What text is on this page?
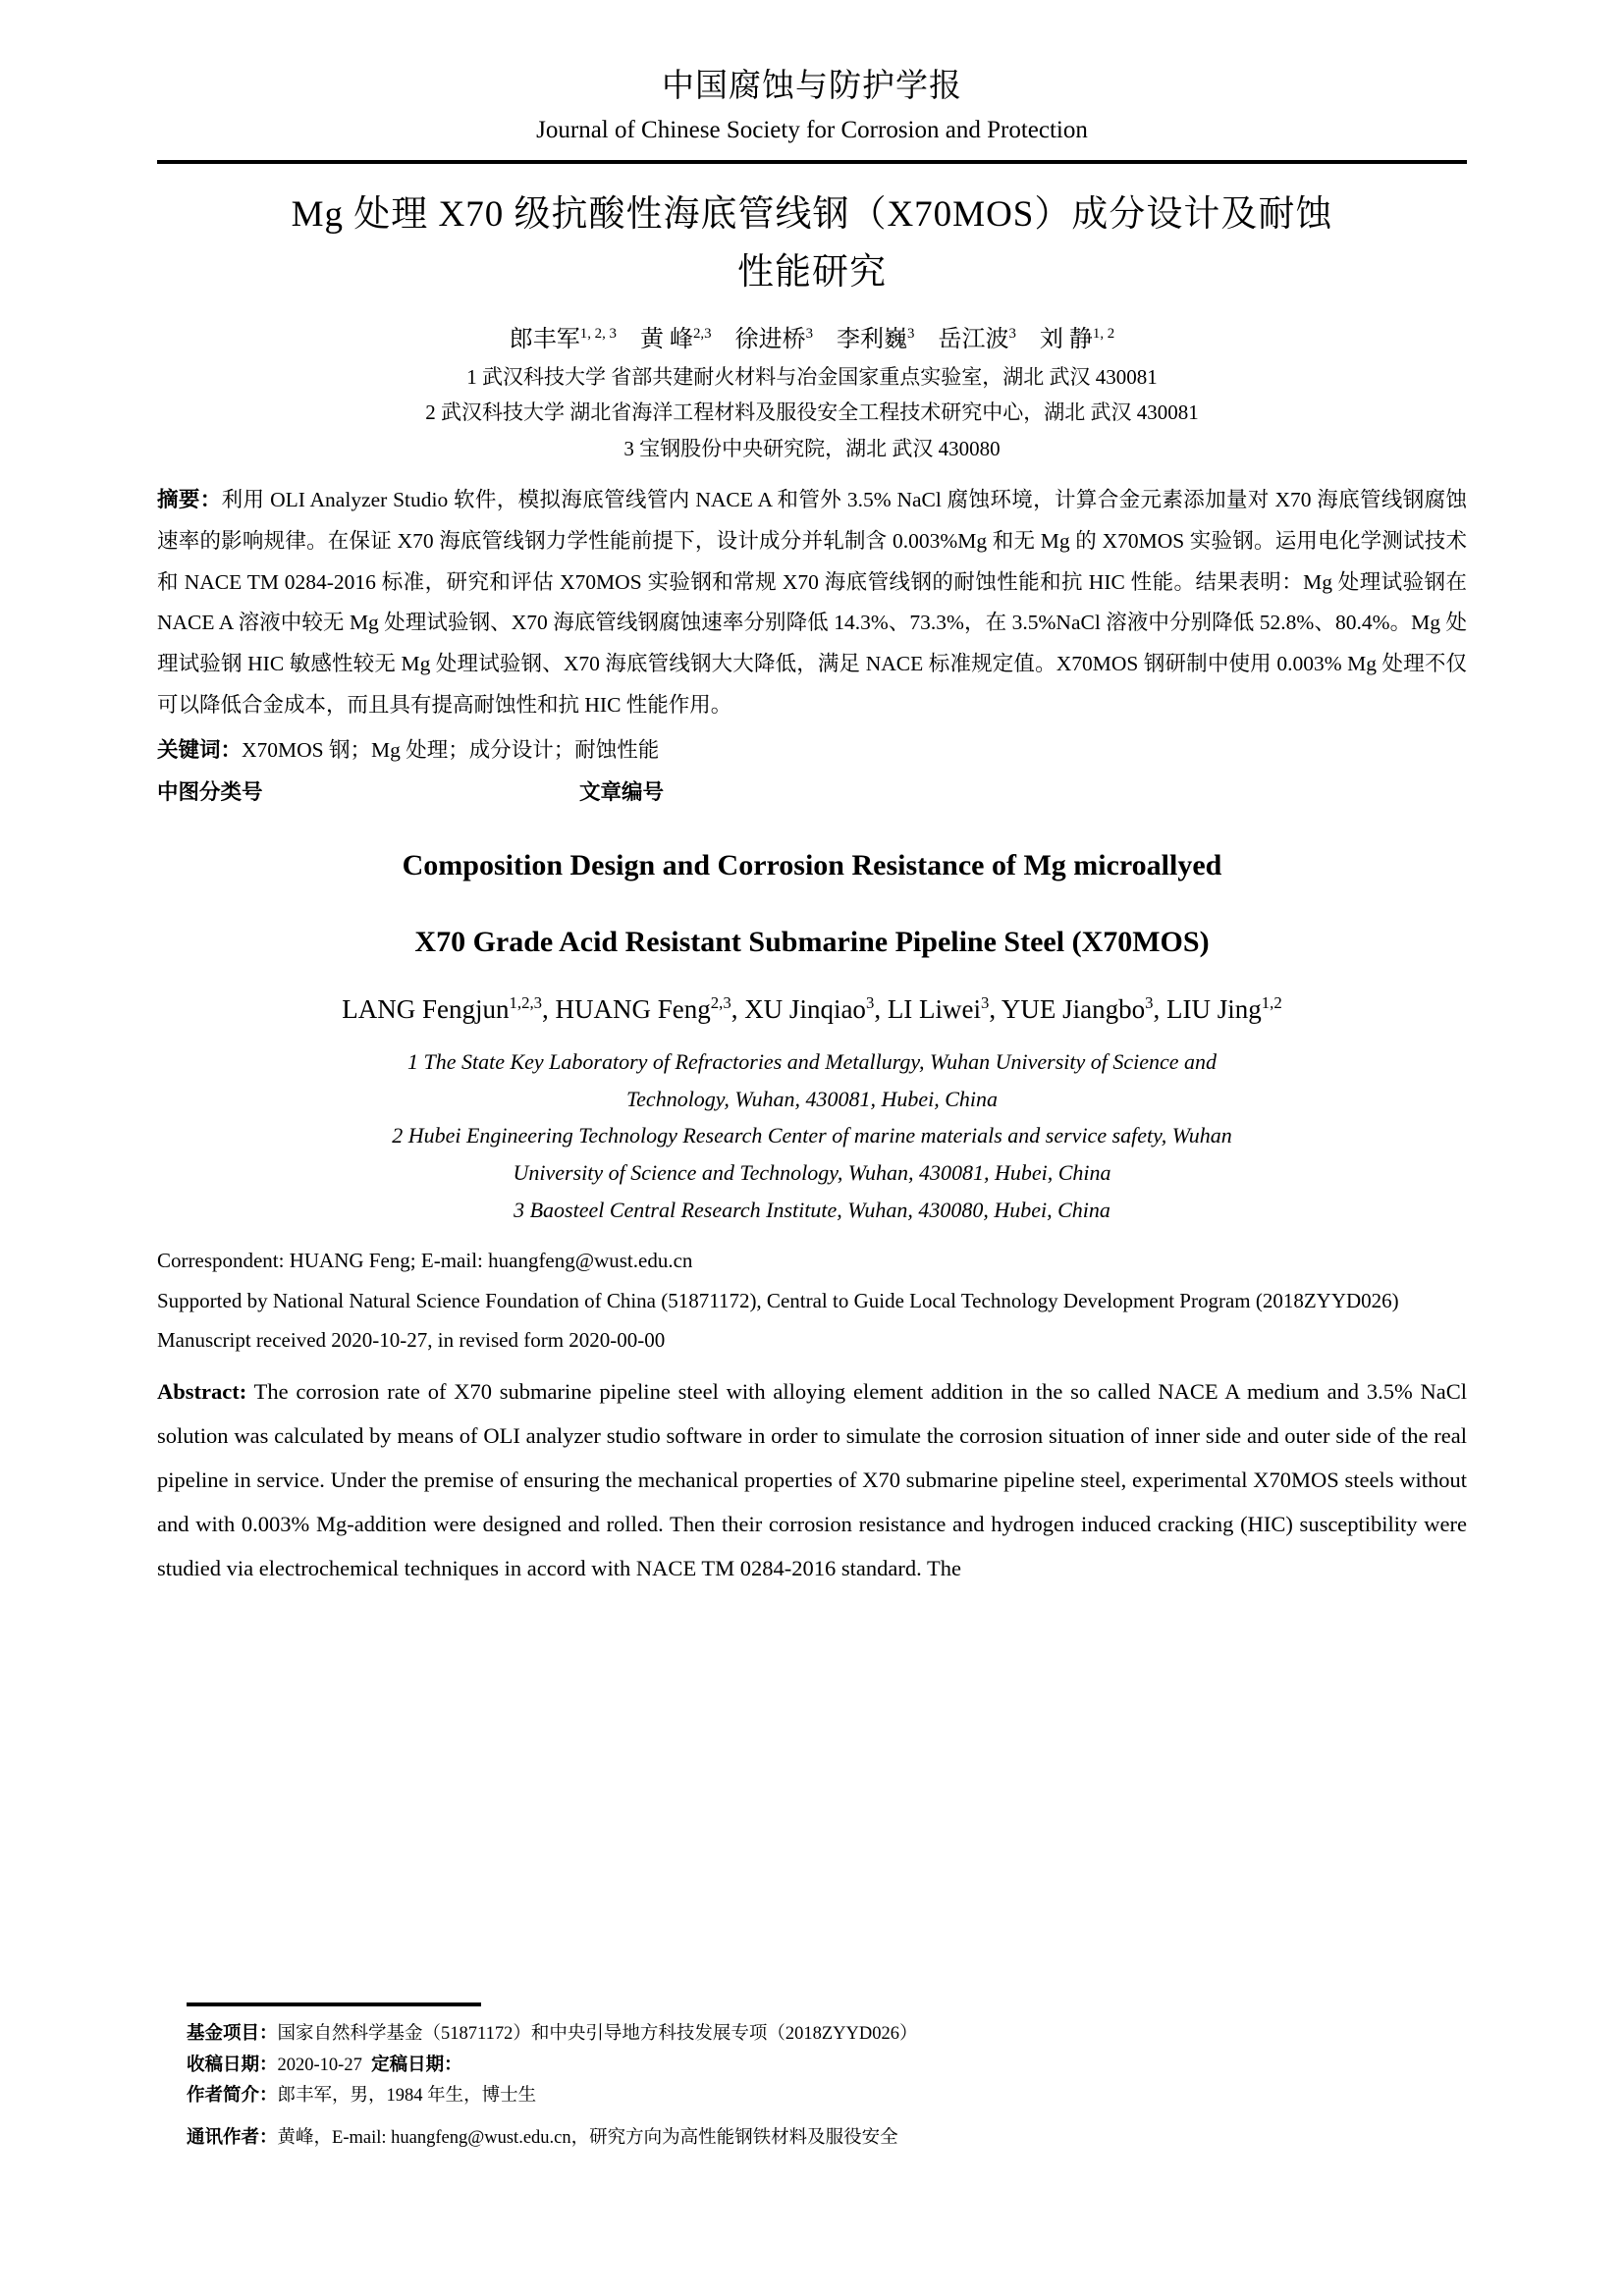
中国腐蚀与防护学报
Journal of Chinese Society for Corrosion and Protection
Mg 处理 X70 级抗酸性海底管线钢（X70MOS）成分设计及耐蚀
性能研究
郎丰军$^{1, 2, 3}$ 黄 峰$^{2,3}$ 徐进桥$^3$ 李利巍$^3$ 岳江波$^3$ 刘 静$^{1, 2}$
1 武汉科技大学 省部共建耐火材料与冶金国家重点实验室，湖北 武汉 430081
2 武汉科技大学 湖北省海洋工程材料及服役安全工程技术研究中心，湖北 武汉 430081
3 宝钢股份中央研究院，湖北 武汉 430080
摘要：利用 OLI Analyzer Studio 软件，模拟海底管线管内 NACE A 和管外 3.5% NaCl 腐蚀环境，计算合金元素添加量对 X70 海底管线钢腐蚀速率的影响规律。在保证 X70 海底管线钢力学性能前提下，设计成分并轧制含 0.003%Mg 和无 Mg 的 X70MOS 实验钢。运用电化学测试技术和 NACE TM 0284-2016 标准，研究和评估 X70MOS 实验钢和常规 X70 海底管线钢的耐蚀性能和抗 HIC 性能。结果表明：Mg 处理试验钢在 NACE A 溶液中较无 Mg 处理试验钢、X70 海底管线钢腐蚀速率分别降低 14.3%、73.3%，在 3.5%NaCl 溶液中分别降低 52.8%、80.4%。Mg 处理试验钢 HIC 敏感性较无 Mg 处理试验钢、X70 海底管线钢大大降低，满足 NACE 标准规定值。X70MOS 钢研制中使用 0.003% Mg 处理不仅可以降低合金成本，而且具有提高耐蚀性和抗 HIC 性能作用。
关键词：X70MOS 钢；Mg 处理；成分设计；耐蚀性能
中图分类号	文章编号
Composition Design and Corrosion Resistance of Mg microallyed
X70 Grade Acid Resistant Submarine Pipeline Steel (X70MOS)
LANG Fengjun$^{1,2,3}$, HUANG Feng$^{2,3}$, XU Jinqiao$^3$, LI Liwei$^3$, YUE Jiangbo$^3$, LIU Jing$^{1,2}$
1 The State Key Laboratory of Refractories and Metallurgy, Wuhan University of Science and
Technology, Wuhan, 430081, Hubei, China
2 Hubei Engineering Technology Research Center of marine materials and service safety, Wuhan
University of Science and Technology, Wuhan, 430081, Hubei, China
3 Baosteel Central Research Institute, Wuhan, 430080, Hubei, China
Correspondent: HUANG Feng; E-mail: huangfeng@wust.edu.cn
Supported by National Natural Science Foundation of China (51871172), Central to Guide Local Technology Development Program (2018ZYYD026)
Manuscript received 2020-10-27, in revised form 2020-00-00
Abstract: The corrosion rate of X70 submarine pipeline steel with alloying element addition in the so called NACE A medium and 3.5% NaCl solution was calculated by means of OLI analyzer studio software in order to simulate the corrosion situation of inner side and outer side of the real pipeline in service. Under the premise of ensuring the mechanical properties of X70 submarine pipeline steel, experimental X70MOS steels without and with 0.003% Mg-addition were designed and rolled. Then their corrosion resistance and hydrogen induced cracking (HIC) susceptibility were studied via electrochemical techniques in accord with NACE TM 0284-2016 standard. The

基金项目：国家自然科学基金（51871172）和中央引导地方科技发展专项（2018ZYYD026）

收稿日期：2020-10-27 定稿日期：

作者简介：郎丰军，男，1984 年生，博士生

通讯作者：黄峰，E-mail: huangfeng@wust.edu.cn，研究方向为高性能钢铁材料及服役安全
